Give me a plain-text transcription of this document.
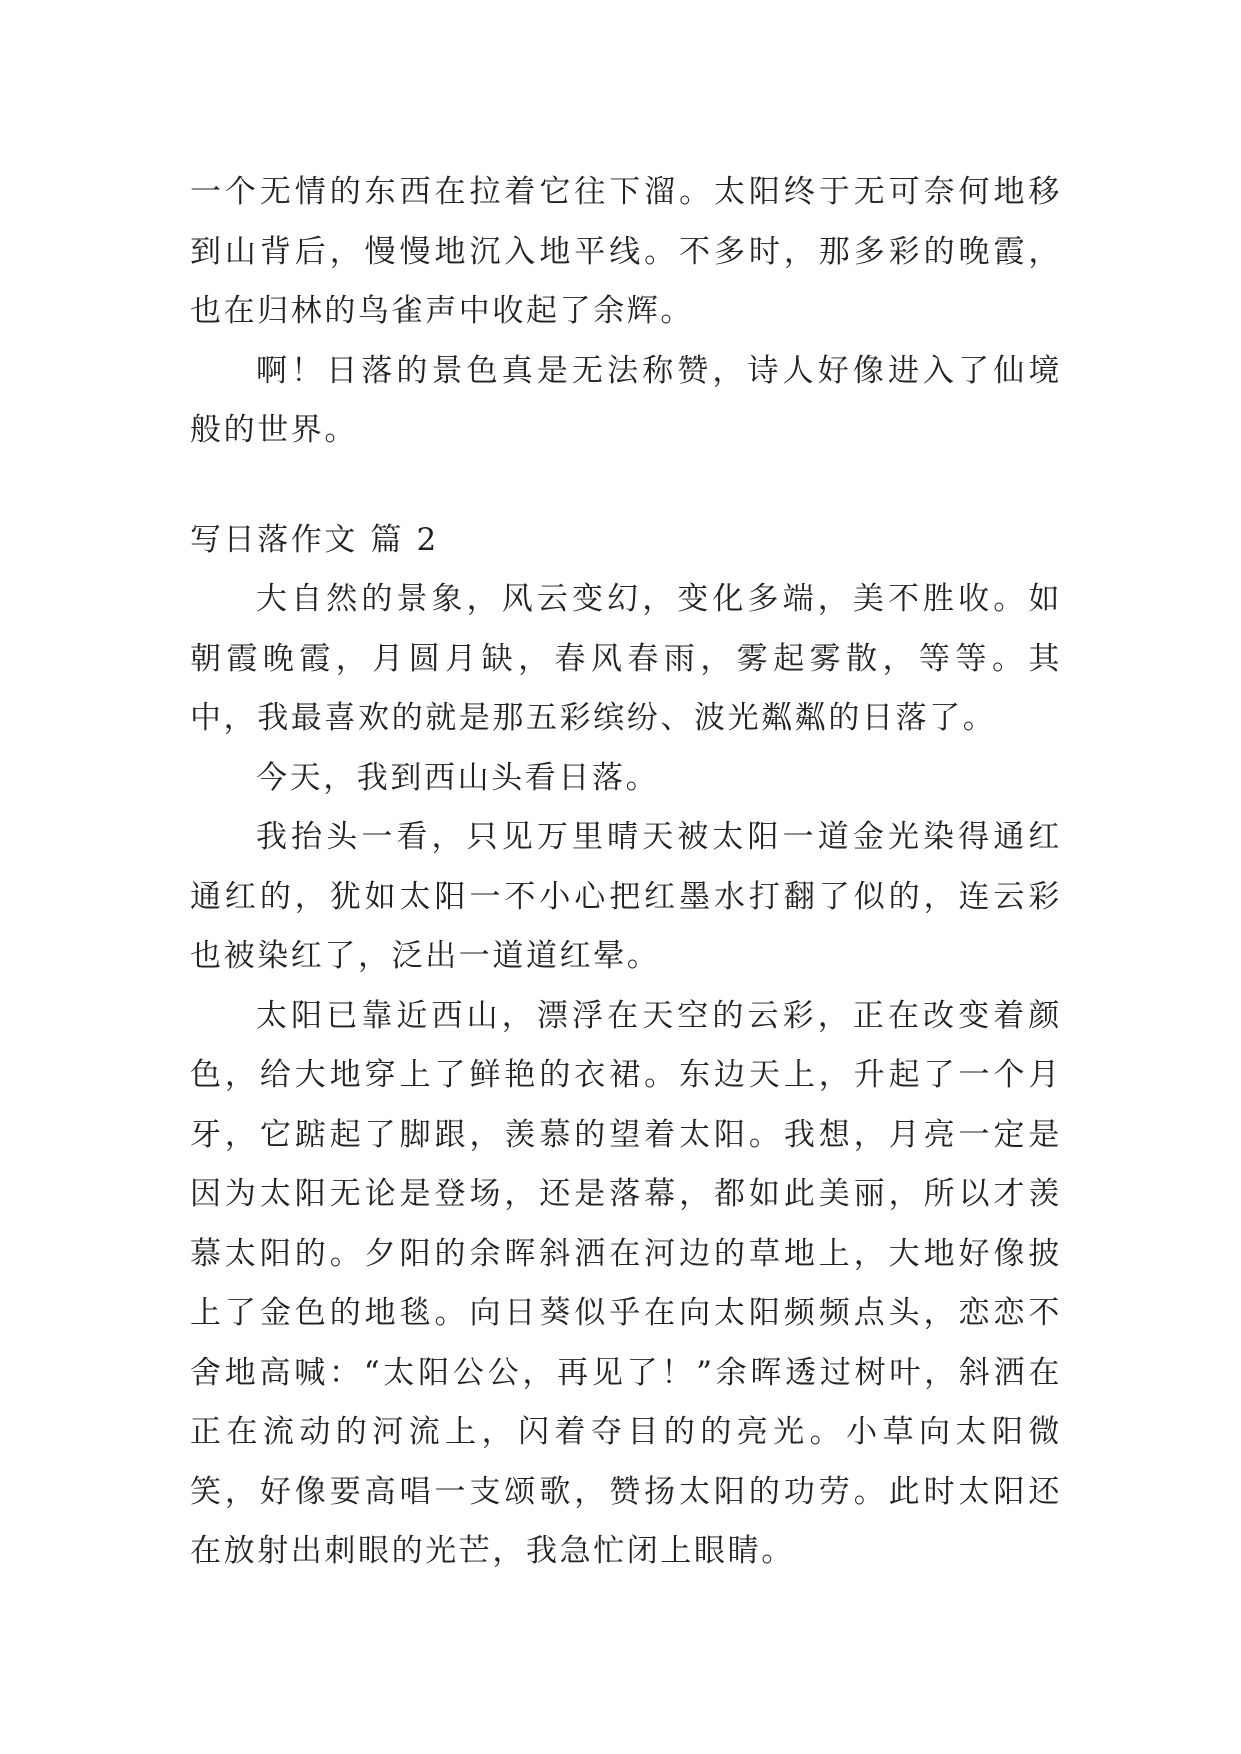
一个无情的东西在拉着它往下溜。太阳终于无可奈何地移到山背后，慢慢地沉入地平线。不多时，那多彩的晚霞，也在归林的鸟雀声中收起了余辉。

啊！日落的景色真是无法称赞，诗人好像进入了仙境般的世界。

写日落作文 篇 2

大自然的景象，风云变幻，变化多端，美不胜收。如朝霞晚霞，月圆月缺，春风春雨，雾起雾散，等等。其中，我最喜欢的就是那五彩缤纷、波光粼粼的日落了。

今天，我到西山头看日落。

我抬头一看，只见万里晴天被太阳一道金光染得通红通红的，犹如太阳一不小心把红墨水打翻了似的，连云彩也被染红了，泛出一道道红晕。

太阳已靠近西山，漂浮在天空的云彩，正在改变着颜色，给大地穿上了鲜艳的衣裙。东边天上，升起了一个月牙，它踮起了脚跟，羡慕的望着太阳。我想，月亮一定是因为太阳无论是登场，还是落幕，都如此美丽，所以才羡慕太阳的。夕阳的余晖斜洒在河边的草地上，大地好像披上了金色的地毯。向日葵似乎在向太阳频频点头，恋恋不舍地高喊：“太阳公公，再见了！”余晖透过树叶，斜洒在正在流动的河流上，闪着夺目的的亮光。小草向太阳微笑，好像要高唱一支颂歌，赞扬太阳的功劳。此时太阳还在放射出刺眼的光芒，我急忙闭上眼睛。
